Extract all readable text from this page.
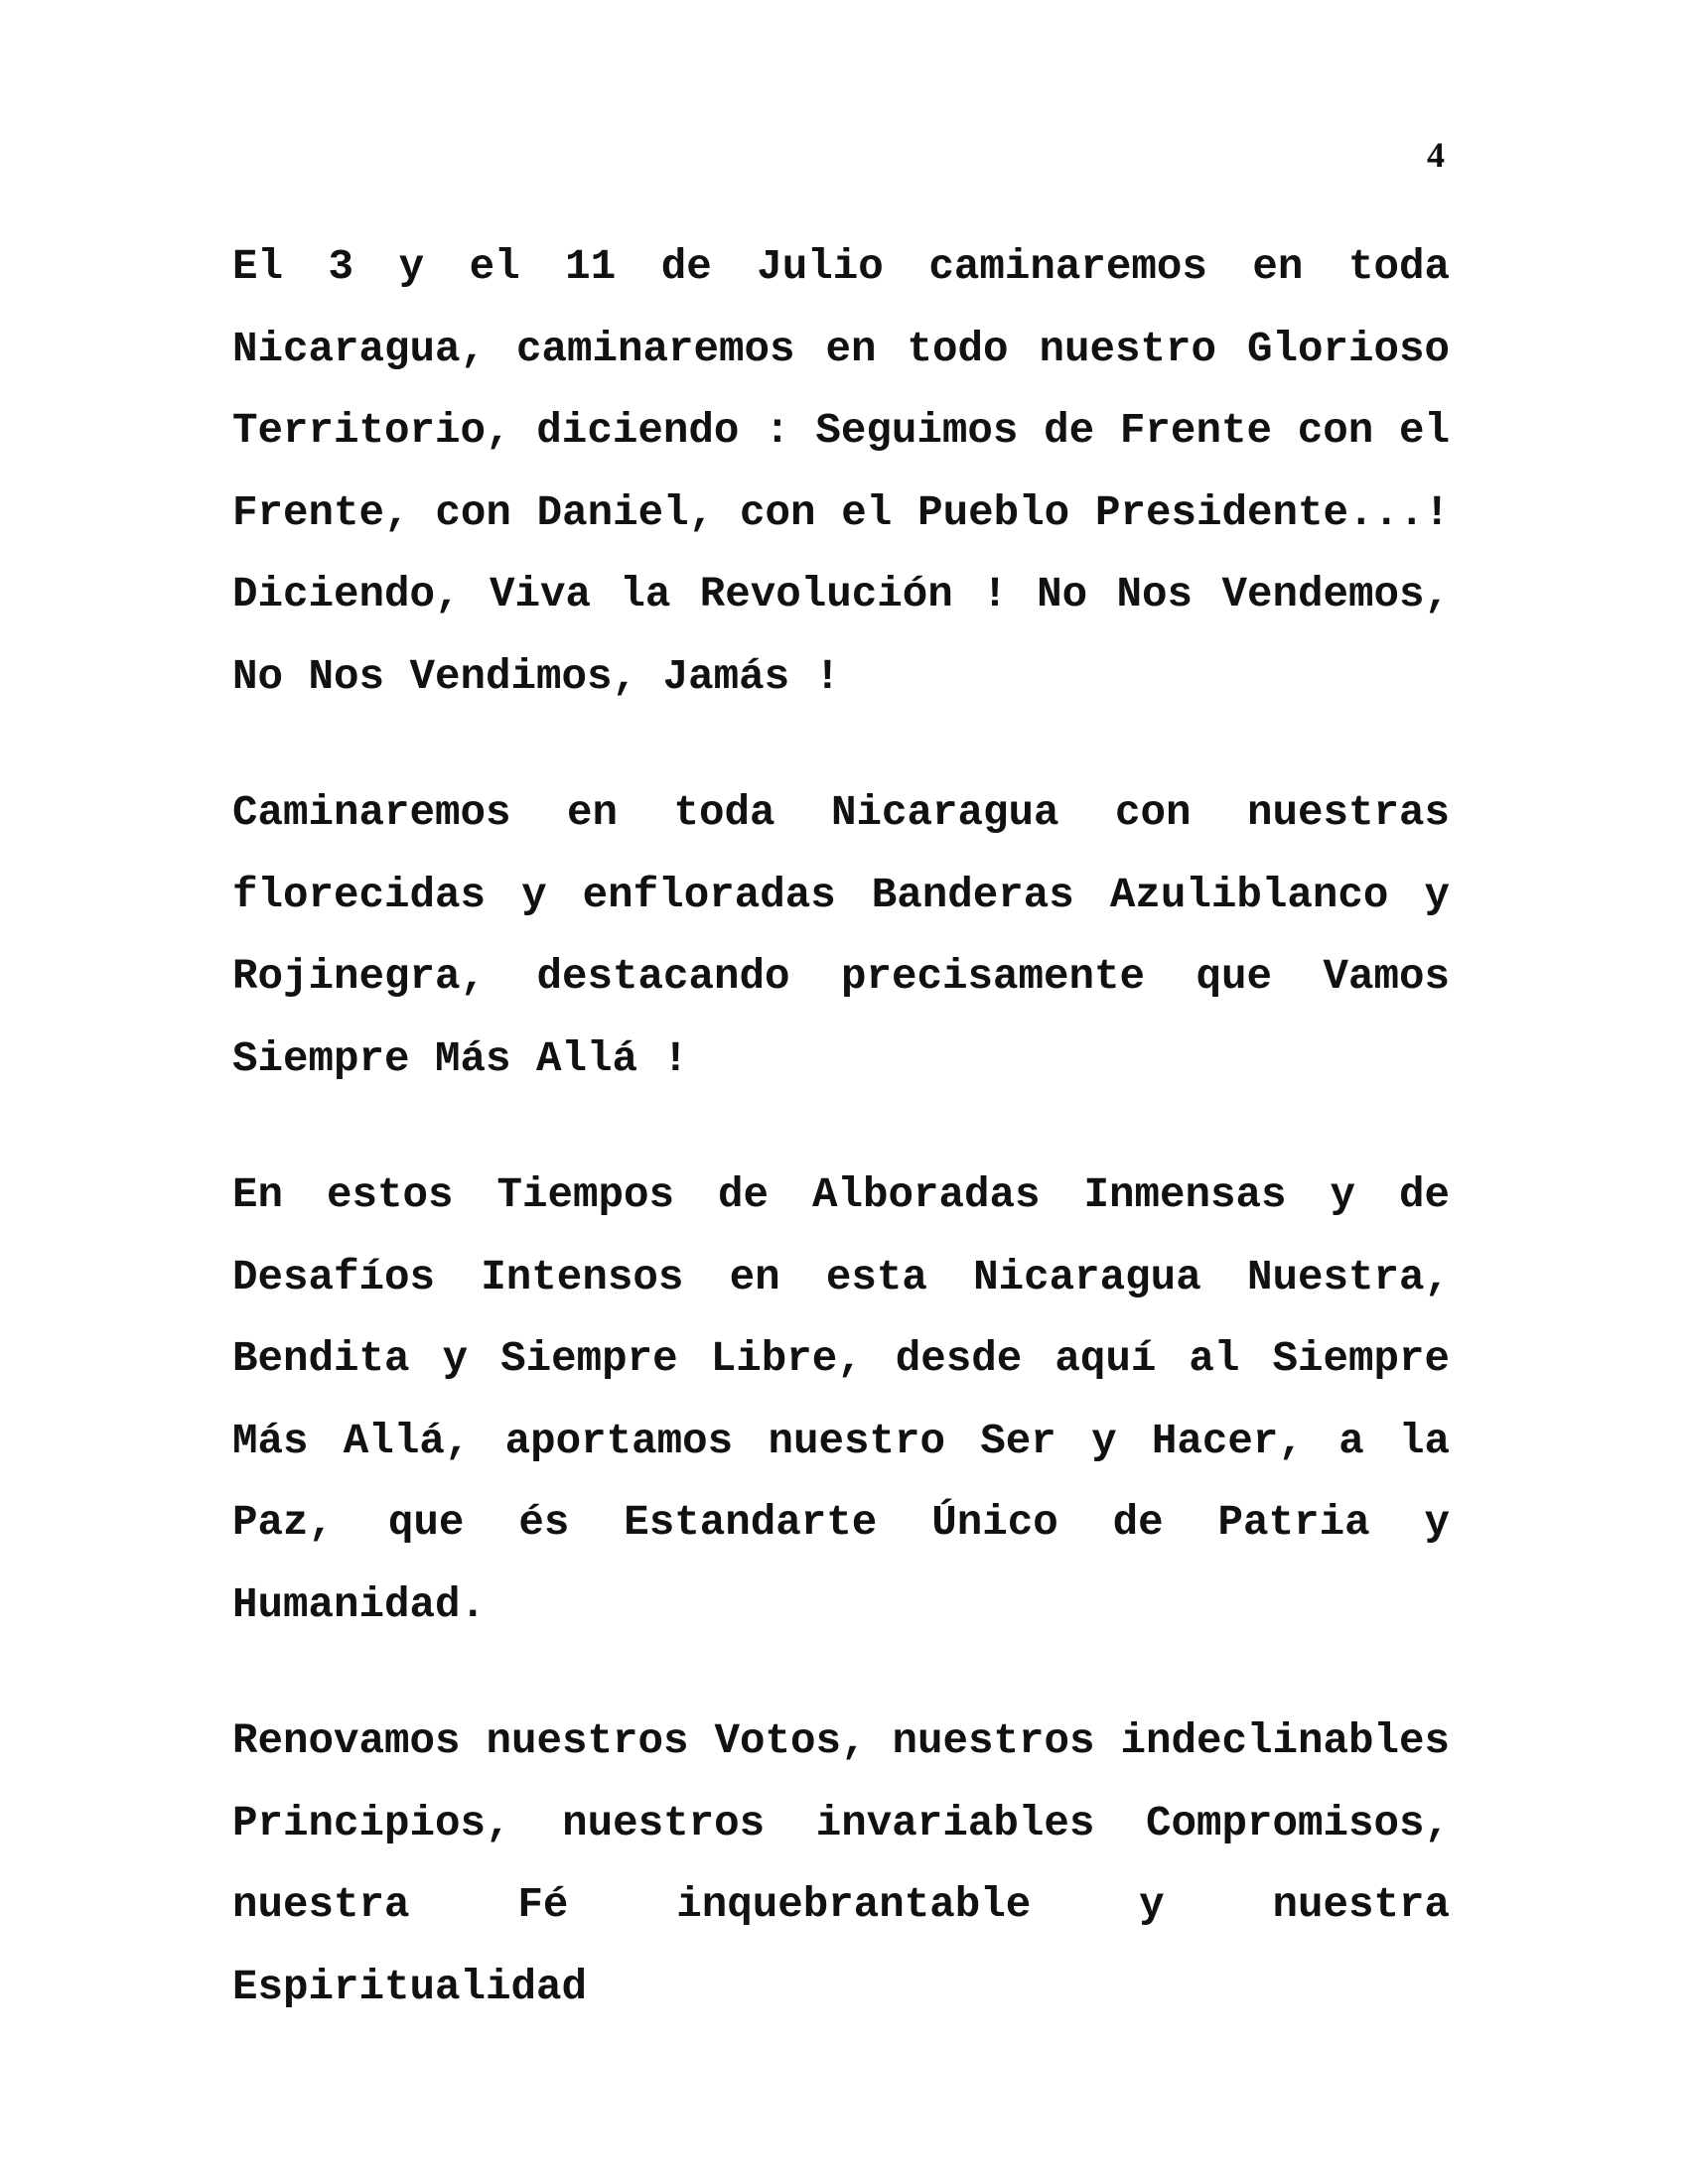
4
El 3 y el 11 de Julio caminaremos en toda
Nicaragua, caminaremos en todo nuestro Glorioso
Territorio, diciendo : Seguimos de Frente con el
Frente, con Daniel, con el Pueblo Presidente...!
Diciendo, Viva la Revolución ! No Nos Vendemos,
No Nos Vendimos, Jamás !
Caminaremos en toda Nicaragua con nuestras
florecidas y enfloradas Banderas Azuliblanco y
Rojinegra, destacando precisamente que Vamos
Siempre Más Allá !
En estos Tiempos de Alboradas Inmensas y de
Desafíos Intensos en esta Nicaragua Nuestra,
Bendita y Siempre Libre, desde aquí al Siempre
Más Allá, aportamos nuestro Ser y Hacer, a la
Paz, que és Estandarte Único de Patria y
Humanidad.
Renovamos nuestros Votos, nuestros indeclinables
Principios, nuestros invariables Compromisos,
nuestra Fé inquebrantable y nuestra Espiritualidad
